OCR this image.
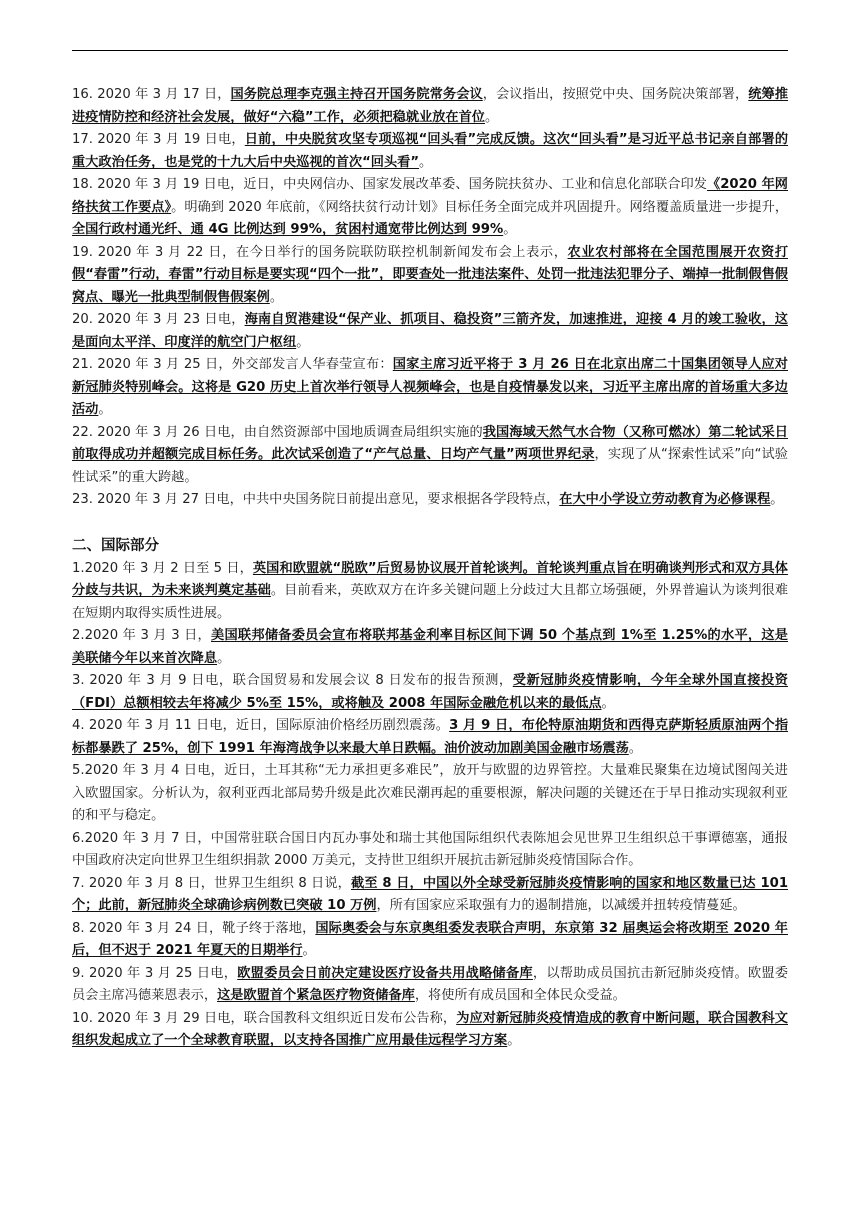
16. 2020 年 3 月 17 日，国务院总理李克强主持召开国务院常务会议，会议指出，按照党中央、国务院决策部署，统筹推进疫情防控和经济社会发展，做好“六稳”工作，必须把稳就业放在首位。

17. 2020 年 3 月 19 日电，日前，中央脱贫攻坚专项巡视“回头看”完成反馈。这次“回头看”是习近平总书记亲自部署的重大政治任务，也是党的十九大后中央巡视的首次“回头看”。

18. 2020 年 3 月 19 日电，近日，中央网信办、国家发展改革委、国务院扶贫办、工业和信息化部联合印发《2020 年网络扶贫工作要点》。明确到 2020 年底前，《网络扶贫行动计划》目标任务全面完成并巩固提升。网络覆盖质量进一步提升，全国行政村通光纤、通 4G 比例达到 99%，贫困村通宽带比例达到 99%。

19. 2020 年 3 月 22 日，在今日举行的国务院联防联控机制新闻发布会上表示，农业农村部将在全国范围展开农资打假“春雷”行动，春雷”行动目标是要实现“四个一批”，即要查处一批违法案件、处罚一批违法犯罪分子、端掉一批制假售假窝点、曝光一批典型制假售假案例。

20. 2020 年 3 月 23 日电，海南自贸港建设“保产业、抓项目、稳投资”三箭齐发，加速推进，迎接 4 月的竣工验收，这是面向太平洋、印度洋的航空门户枢纽。

21. 2020 年 3 月 25 日，外交部发言人华春莹宣布：国家主席习近平将于 3 月 26 日在北京出席二十国集团领导人应对新冠肺炎特别峰会。这将是 G20 历史上首次举行领导人视频峰会，也是自疫情暴发以来，习近平主席出席的首场重大多边活动。

22. 2020 年 3 月 26 日电，由自然资源部中国地质调查局组织实施的我国海域天然气水合物（又称可燃冰）第二轮试采日前取得成功并超额完成目标任务。此次试采创造了“产气总量、日均产气量”两项世界纪录，实现了从“探索性试采”向“试验性试采”的重大跨越。

23. 2020 年 3 月 27 日电，中共中央国务院日前提出意见，要求根据各学段特点，在大中小学设立劳动教育为必修课程。

二、国际部分

1.2020 年 3 月 2 日至 5 日，英国和欧盟就“脱欧”后贸易协议展开首轮谈判。首轮谈判重点旨在明确谈判形式和双方具体分歧与共识，为未来谈判奠定基础。目前看来，英欧双方在许多关键问题上分歧过大且都立场强硬，外界普遍认为谈判很难在短期内取得实质性进展。

2.2020 年 3 月 3 日，美国联邦储备委员会宣布将联邦基金利率目标区间下调 50 个基点到 1%至 1.25%的水平，这是美联储今年以来首次降息。

3. 2020 年 3 月 9 日电，联合国贸易和发展会议 8 日发布的报告预测，受新冠肺炎疫情影响，今年全球外国直接投资（FDI）总额相较去年将减少 5%至 15%，或将触及 2008 年国际金融危机以来的最低点。

4. 2020 年 3 月 11 日电，近日，国际原油价格经历剧烈震荡。3 月 9 日，布伦特原油期货和西得克萨斯轻质原油两个指标都暴跌了 25%，创下 1991 年海湾战争以来最大单日跌幅。油价波动加剧美国金融市场震荡。

5.2020 年 3 月 4 日电，近日，土耳其称“无力承担更多难民”，放开与欧盟的边界管控。大量难民聚集在边境试图闯关进入欧盟国家。分析认为，叙利亚西北部局势升级是此次难民潮再起的重要根源，解决问题的关键还在于早日推动实现叙利亚的和平与稳定。

6.2020 年 3 月 7 日，中国常驻联合国日内瓦办事处和瑞士其他国际组织代表陈旭会见世界卫生组织总干事谭德塞，通报中国政府决定向世界卫生组织捐款 2000 万美元，支持世卫组织开展抗击新冠肺炎疫情国际合作。

7. 2020 年 3 月 8 日，世界卫生组织 8 日说，截至 8 日，中国以外全球受新冠肺炎疫情影响的国家和地区数量已达 101 个；此前，新冠肺炎全球确诊病例数已突破 10 万例，所有国家应采取强有力的遏制措施，以减缓并扭转疫情蔓延。

8. 2020 年 3 月 24 日，靴子终于落地，国际奥委会与东京奥组委发表联合声明，东京第 32 届奥运会将改期至 2020 年后，但不迟于 2021 年夏天的日期举行。

9. 2020 年 3 月 25 日电，欧盟委员会日前决定建设医疗设备共用战略储备库，以帮助成员国抗击新冠肺炎疫情。欧盟委员会主席冯德莱恩表示，这是欧盟首个紧急医疗物资储备库，将使所有成员国和全体民众受益。

10. 2020 年 3 月 29 日电，联合国教科文组织近日发布公告称，为应对新冠肺炎疫情造成的教育中断问题，联合国教科文组织发起成立了一个全球教育联盟，以支持各国推广应用最佳远程学习方案。
